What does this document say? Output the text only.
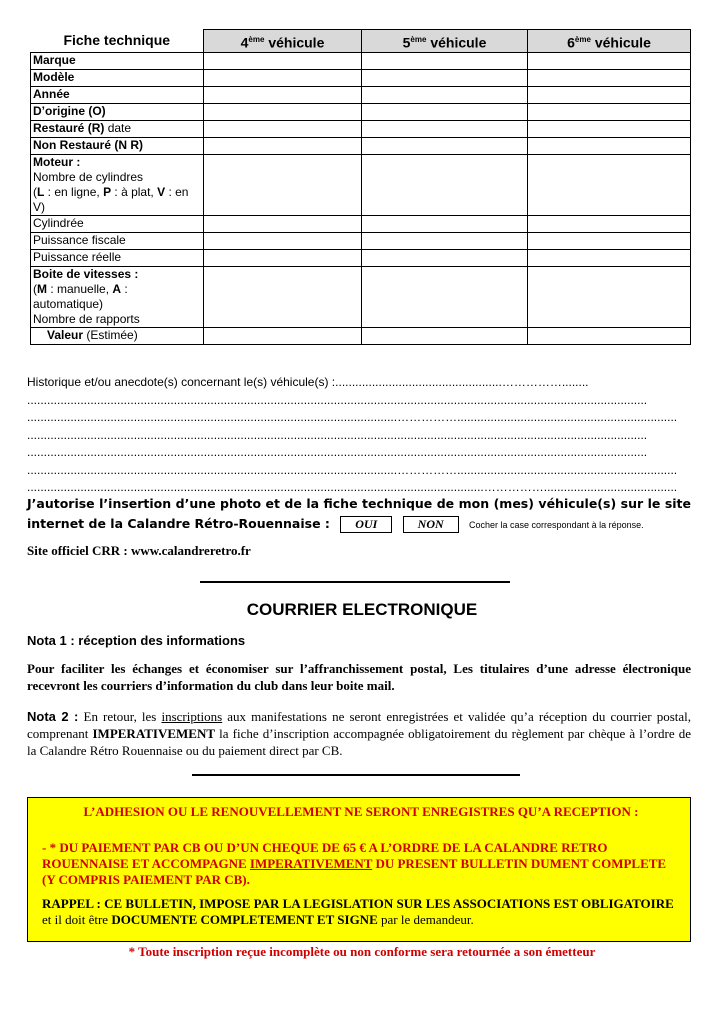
Fiche technique	4ème véhicule	5ème véhicule	6ème véhicule
Marque			
Modèle			
Année			
D’origine (O)			
Restauré (R) date			
Non Restauré (N R)			

Moteur :
Nombre de cylindres
(L : en ligne, P : à plat, V : en V)			

Cylindrée			
Puissance fiscale			
Puissance réelle			

Boite de vitesses :
(M : manuelle, A : automatique)
Nombre de rapports			

Valeur (Estimée)			
Historique et/ou anecdote(s) concernant le(s) véhicule(s) :..................................................……………........
..........................................................................................................................................................................................
...............................................................................................................……………..................................................................
..........................................................................................................................................................................................
..........................................................................................................................................................................................
...............................................................................................................……………..................................................................
.........................................................................................................................................……………........................................
J’autorise l’insertion d’une photo et de la fiche technique de mon (mes) véhicule(s) sur le site internet de la Calandre Rétro-Rouennaise : OUI	NON	Cocher la case correspondant à la réponse.
Site officiel CRR : www.calandreretro.fr
COURRIER ELECTRONIQUE
Nota 1 : réception des informations
Pour faciliter les échanges et économiser sur l’affranchissement postal, Les titulaires d’une adresse électronique recevront les courriers d’information du club dans leur boite mail.
Nota 2 : En retour, les inscriptions aux manifestations ne seront enregistrées et validée qu’a réception du courrier postal, comprenant IMPERATIVEMENT la fiche d’inscription accompagnée obligatoirement du règlement par chèque à l’ordre de la Calandre Rétro Rouennaise ou du paiement direct par CB.

L’ADHESION OU LE RENOUVELLEMENT NE SERONT ENREGISTRES QU’A RECEPTION :

- * DU PAIEMENT PAR CB OU D’UN CHEQUE DE 65 € A L’ORDRE DE LA CALANDRE RETRO ROUENNAISE ET ACCOMPAGNE IMPERATIVEMENT DU PRESENT BULLETIN DUMENT COMPLETE (Y COMPRIS PAIEMENT PAR CB).

RAPPEL : CE BULLETIN, IMPOSE PAR LA LEGISLATION SUR LES ASSOCIATIONS EST OBLIGATOIRE et il doit être DOCUMENTE COMPLETEMENT ET SIGNE par le demandeur.

* Toute inscription reçue incomplète ou non conforme sera retournée a son émetteur
